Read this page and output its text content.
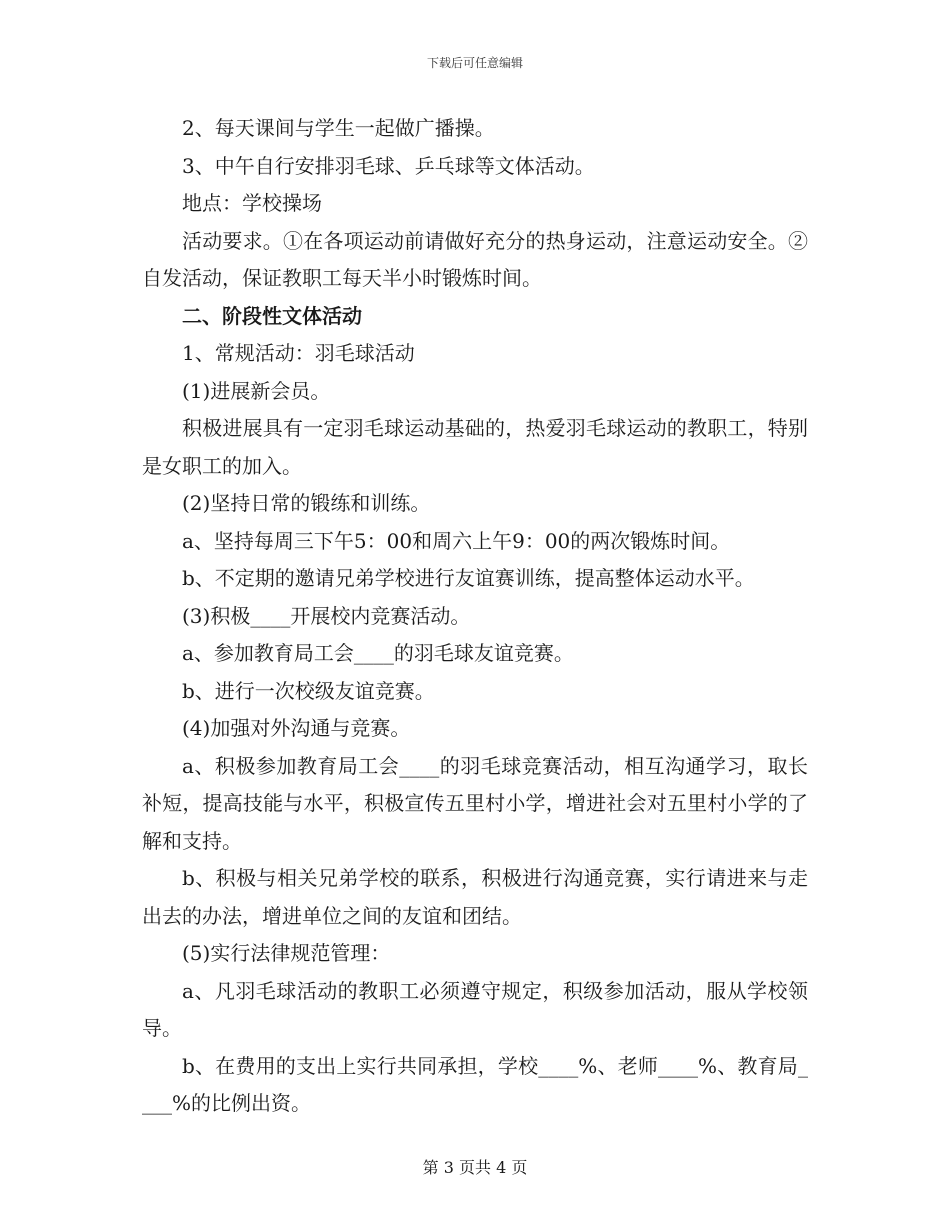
下载后可任意编辑

2、每天课间与学生一起做广播操。

3、中午自行安排羽毛球、乒乓球等文体活动。

地点：学校操场

活动要求。①在各项运动前请做好充分的热身运动，注意运动安全。②自发活动，保证教职工每天半小时锻炼时间。

二、阶段性文体活动

1、常规活动：羽毛球活动

(1)进展新会员。

积极进展具有一定羽毛球运动基础的，热爱羽毛球运动的教职工，特别是女职工的加入。

(2)坚持日常的锻练和训练。

a、坚持每周三下午5：00和周六上午9：00的两次锻炼时间。

b、不定期的邀请兄弟学校进行友谊赛训练，提高整体运动水平。

(3)积极____开展校内竞赛活动。

a、参加教育局工会____的羽毛球友谊竞赛。

b、进行一次校级友谊竞赛。

(4)加强对外沟通与竞赛。

a、积极参加教育局工会____的羽毛球竞赛活动，相互沟通学习，取长补短，提高技能与水平，积极宣传五里村小学，增进社会对五里村小学的了解和支持。

b、积极与相关兄弟学校的联系，积极进行沟通竞赛，实行请进来与走出去的办法，增进单位之间的友谊和团结。

(5)实行法律规范管理：

a、凡羽毛球活动的教职工必须遵守规定，积级参加活动，服从学校领导。

b、在费用的支出上实行共同承担，学校____%、老师____%、教育局____%的比例出资。

第 3 页共 4 页
